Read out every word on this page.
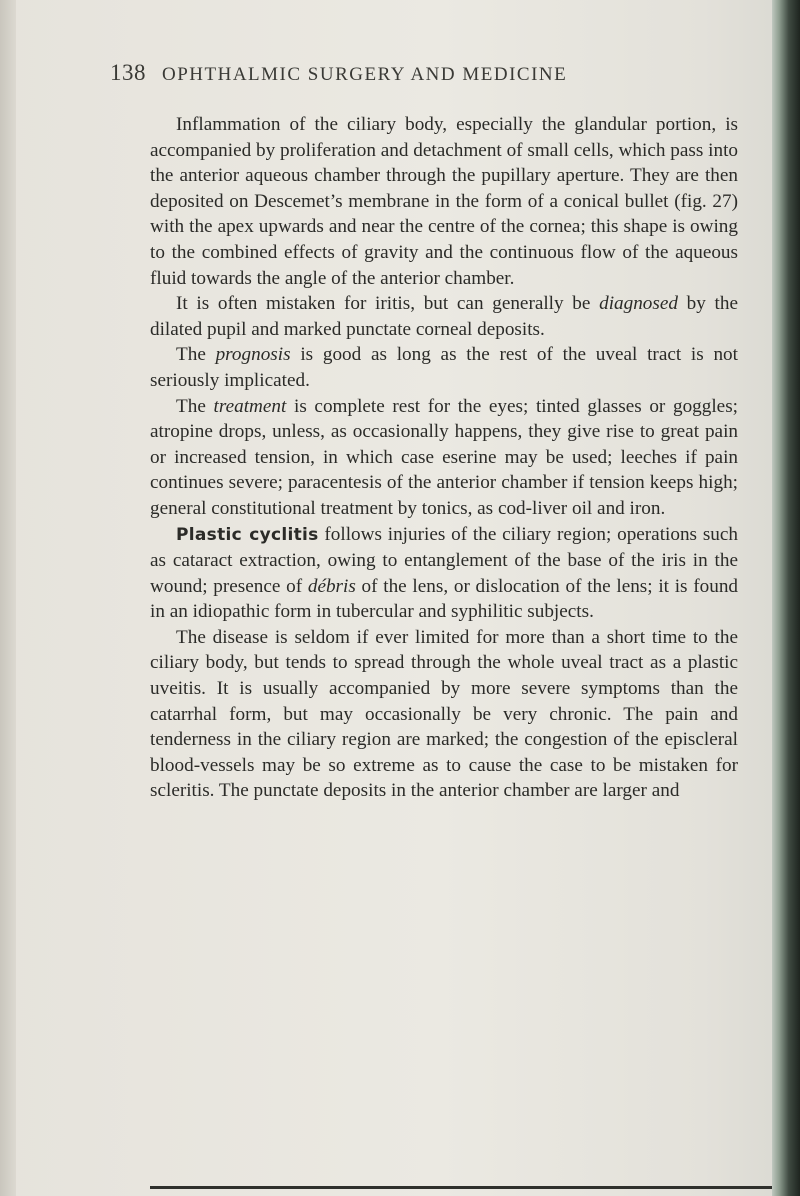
138 OPHTHALMIC SURGERY AND MEDICINE

Inflammation of the ciliary body, especially the glandular portion, is accompanied by proliferation and detachment of small cells, which pass into the anterior aqueous chamber through the pupillary aperture. They are then deposited on Descemet’s membrane in the form of a conical bullet (fig. 27) with the apex upwards and near the centre of the cornea; this shape is owing to the combined effects of gravity and the continuous flow of the aqueous fluid towards the angle of the anterior chamber.

It is often mistaken for iritis, but can generally be diagnosed by the dilated pupil and marked punctate corneal deposits.

The prognosis is good as long as the rest of the uveal tract is not seriously implicated.

The treatment is complete rest for the eyes; tinted glasses or goggles; atropine drops, unless, as occasionally happens, they give rise to great pain or increased tension, in which case eserine may be used; leeches if pain continues severe; paracentesis of the anterior chamber if tension keeps high; general constitutional treatment by tonics, as cod-liver oil and iron.

Plastic cyclitis follows injuries of the ciliary region; operations such as cataract extraction, owing to entanglement of the base of the iris in the wound; presence of débris of the lens, or dislocation of the lens; it is found in an idiopathic form in tubercular and syphilitic subjects.

The disease is seldom if ever limited for more than a short time to the ciliary body, but tends to spread through the whole uveal tract as a plastic uveitis. It is usually accompanied by more severe symptoms than the catarrhal form, but may occasionally be very chronic. The pain and tenderness in the ciliary region are marked; the congestion of the episcleral blood-vessels may be so extreme as to cause the case to be mistaken for scleritis. The punctate deposits in the anterior chamber are larger and
